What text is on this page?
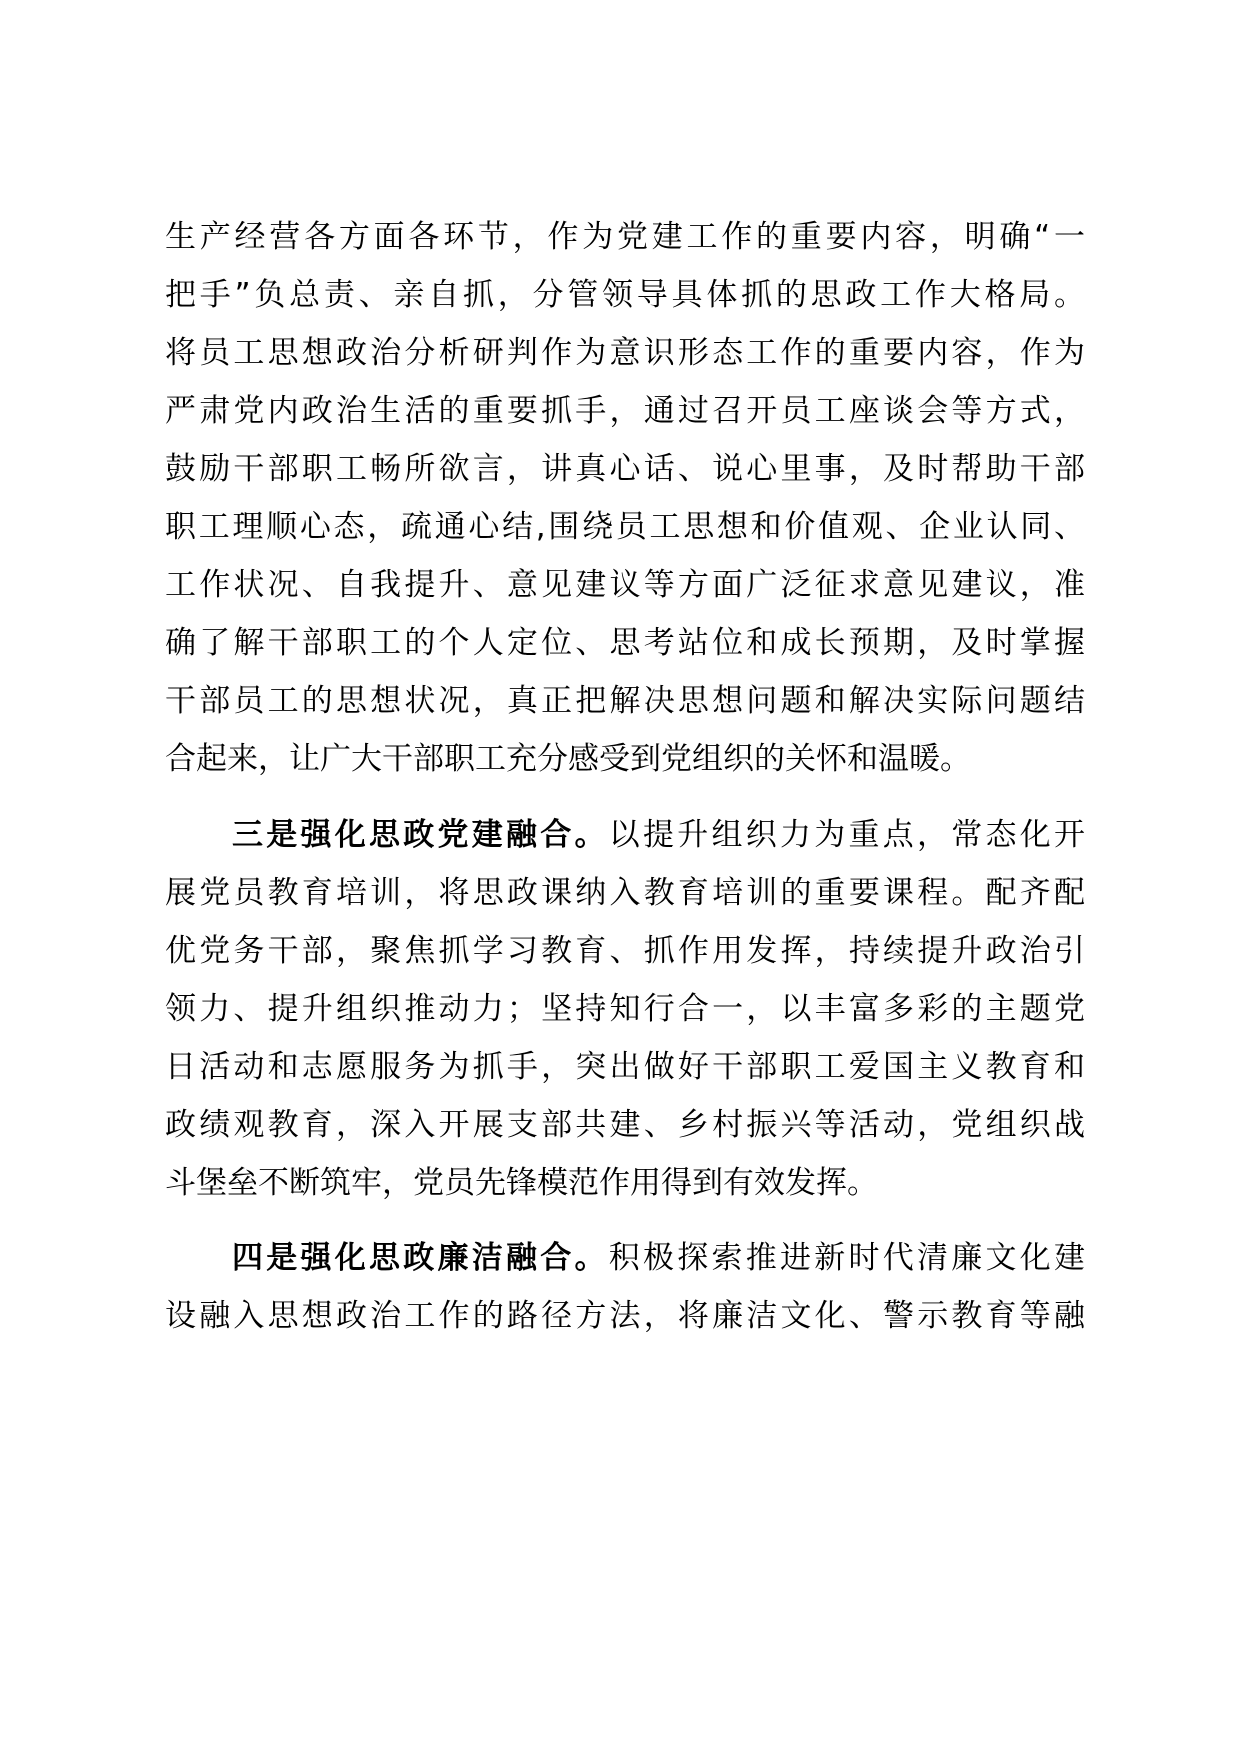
生产经营各方面各环节，作为党建工作的重要内容，明确“一

把手”负总责、亲自抓，分管领导具体抓的思政工作大格局。

将员工思想政治分析研判作为意识形态工作的重要内容，作为

严肃党内政治生活的重要抓手，通过召开员工座谈会等方式，

鼓励干部职工畅所欲言，讲真心话、说心里事，及时帮助干部

职工理顺心态，疏通心结,围绕员工思想和价值观、企业认同、

工作状况、自我提升、意见建议等方面广泛征求意见建议，准

确了解干部职工的个人定位、思考站位和成长预期，及时掌握

干部员工的思想状况，真正把解决思想问题和解决实际问题结

合起来，让广大干部职工充分感受到党组织的关怀和温暖。

三是强化思政党建融合。以提升组织力为重点，常态化开

展党员教育培训，将思政课纳入教育培训的重要课程。配齐配

优党务干部，聚焦抓学习教育、抓作用发挥，持续提升政治引

领力、提升组织推动力；坚持知行合一，以丰富多彩的主题党

日活动和志愿服务为抓手，突出做好干部职工爱国主义教育和

政绩观教育，深入开展支部共建、乡村振兴等活动，党组织战

斗堡垒不断筑牢，党员先锋模范作用得到有效发挥。

四是强化思政廉洁融合。积极探索推进新时代清廉文化建

设融入思想政治工作的路径方法，将廉洁文化、警示教育等融
